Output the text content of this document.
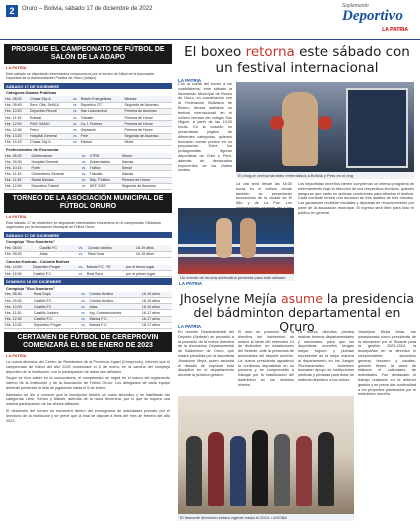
2	Oruro – Bolivia, sábado 17 de diciembre de 2022	Suplemento
Deportivo
LA PATRIA
PROSIGUE EL CAMPEONATO DE FÚTBOL DE SALÓN DE LA ADAPO
LA PATRIA
Este sábado se disputarán interesantes compromisos por el torneo de fútbol de la Asociación Deportiva de la Administración Pública de Oruro (Adapo).
SÁBADO 17 DE DICIEMBRE
Categoría Damas Públicas
Hrs. 08:30	Chasa Sky A	vs.	Rubén Energéticas	Mirador
Hrs. 09:40	Serv. Ofis. SeNLA	vs.	Deportivo G7	Segunda de Ascenso
Hrs. 10:20	Deportivo Recuit	vs.	San Ludovicohol	Primera de Ascenso
Hrs. 11:15	Edesal	vs.	Tránsito	Primera de Honor
Hrs. 12:00	PMC SAMO	vs.	Co.J. Fuertes	Primera de Honor
Hrs. 12:45	Felcv	vs.	Gepiarrat	Primera de Honor
Hrs. 13:30	Hospital General	vs.	Free	Segunda de Ascenso
Hrs. 14:15	Chasa Sky A	vs.	Edesal	Mixta
Profesionales de Economía
Hrs. 08:30	Gobernación	vs.	VTRR	Sénior
Hrs. 09:30	Hospital General	vs.	Gobernación	Damas
Hrs. 10:15	Forte	vs.	Tráfico	Sénior
Hrs. 11:15	Cementerio General	vs.	Tránsito	Damas
Hrs. 11:45	Santa Mónica	vs.	Dep. Público	Primera de Honor
Hrs. 12:45	Deportivo Tránsit	vs.	UKF CNS	Segunda de Ascenso
TORNEO DE LA ASOCIACIÓN MUNICIPAL DE FÚTBOL ORURO
LA PATRIA
Este sábado 17 de diciembre se disputarán interesantes encuentros en el campeonato Oficialista organizado por la Asociación Municipal de Fútbol Oruro.
SÁBADO 17 DE DICIEMBRE
Complejo "Eco Nombres"
Hrs. 08:00	Castillo FC	vs.	Cóndor Andino	16-19 años
Hrs. 09:30	Atlas	vs.	Real Sora	16-19 años
Cancha Kantuta - Colonia Bolívar
Hrs. 14:00	Deportivo Progre	vs.	Marcia F.C. "B"	por el tercer lugar
Hrs. 15:30	Castillo F.C.	vs.	Real Sora	por el primer lugar
DOMINGO 18 DE DICIEMBRE
Complejo "Eco Nombres"
Hrs. 08:30	Real Soyá	vs.	Cóndor Andino	16-19 años
Hrs. 09:30	Castillo FC	vs.	Cóndor Andino	16-19 años
Hrs. 10:30	Castillo FC	vs.	Atlas	16-19 años
Hrs. 11:30	Castillo Juniors	vs.	Ing. Construcciones	16-17 años
Hrs. 12:30	Castillo F.C.	vs.	Marcia F.C.	16-17 años
Hrs. 13:30	Deportivo Progre	vs.	Marcia F.C.	16-17 años
CERTAMEN DE FÚTBOL DE CEREPROVIN COMENZARÁ EL 8 DE ENERO DE 2023
LA PATRIA
La nueva directiva del Centro de Residentes de la Provincia Ingavi (Cereprovin), informó que el campeonato de fútbol del año 2023 comenzará el 8 de enero, en la cancha del complejo deportivo de la institución, con la participación de todos sus afiliados.
Según se hizo saber en la convocatoria, el campeonato se regirá en el marco del reglamento interno de la institución y de la Asociación de Fútbol Oruro. Los delegados de cada equipo deberán presentar la lista de jugadores hasta el 5 de enero.
Asimismo se dio a conocer que la inscripción tendrá un costo simbólico y se habilitarán las categorías Libre, Sénior y Master, además de la rama femenina, por lo que se espera una masiva participación de los clubes afiliados.
El desarrollo del torneo se encuentra dentro del cronograma de actividades previsto por el directorio de la institución y se prevé que la final se dispute a fines del mes de febrero del año 2023.
El boxeo retorna este sábado con un festival internacional
LA PATRIA
Con la vuelta del boxeo a los cuadriláteros, este sábado la Asociación Municipal de Boxeo de Oruro, en coordinación con la Federación Boliviana de Boxeo, llevará adelante un festival internacional en el coliseo cerrado del colegio San Miguel, a partir de las 19:00 horas. En la ocasión se presentarán púgiles de diferentes categorías, quienes buscarán sumar puntos en su preparación. Entre los protagonistas figuran deportistas de Chile y Perú, además de destacados exponentes de los clubes locales.
El chogue central también enfrentados a Bolivia y Perú en el ring
La cita será desde las 18:30 horas en el coliseo donde también se presentarán boxeadores de la ciudad de El Alto y de La Paz. Los
Los deportistas orureños vienen cumpliendo un intenso programa de entrenamiento bajo la dirección de sus respectivos técnicos, quienes aseguran que están en óptimas condiciones para afrontar el festival. Cada combate tendrá una duración de tres asaltos de tres minutos. Los ganadores recibirán medallas y diplomas de reconocimiento por parte de la asociación municipal. El ingreso será libre para todo el público en general.
Un evento de mucha adrenalina presenta para este sábado
LA PATRIA
Jhoselyne Mejía asume la presidencia del bádminton departamental en Oruro
LA PATRIA
En reunión Departamental del Deporte (Sedede) se procedió a la posesión de la nueva directiva de la Asociación Departamental de Bádminton de Oruro, que estará presidida por la deportista Jhoselyne Mejía, quien asumirá el desafío de impulsar esta disciplina en el departamento durante la próxima gestión.
El acto de posesión de la directiva del bádminton se realizó la tarde del miércoles 14 de diciembre, en instalaciones del Sedede, ante la presencia de autoridades del deporte orureño. La nueva presidenta agradeció la confianza depositada en su persona y se comprometió a trabajar por la masificación del bádminton en los distintos niveles.
La nueva directiva plantea realizar torneos departamentales y nacionales, para que los deportistas orureños tengan mayor fogueo y puedan representar de la mejor manera al departamento en los Juegos Plurinacionales. Asimismo buscarán apoyo de instituciones públicas y privadas para dotar de material deportivo a los clubes.
Jhoselyne Mejía Arias, fue posesionada como presidenta de la asociación por el Sedede para la gestión 2023-2024, la acompañan en la directiva el vicepresidente, secretario general, tesorero y vocales, quienes tienen la tarea de elaborar el calendario de actividades. Fue destacado el trabajo realizado en la anterior gestión y se prevé dar continuidad a los proyectos planteados por el bádminton orureño.
El flamante directorio estará vigente hasta el 2024. / ASOBA
